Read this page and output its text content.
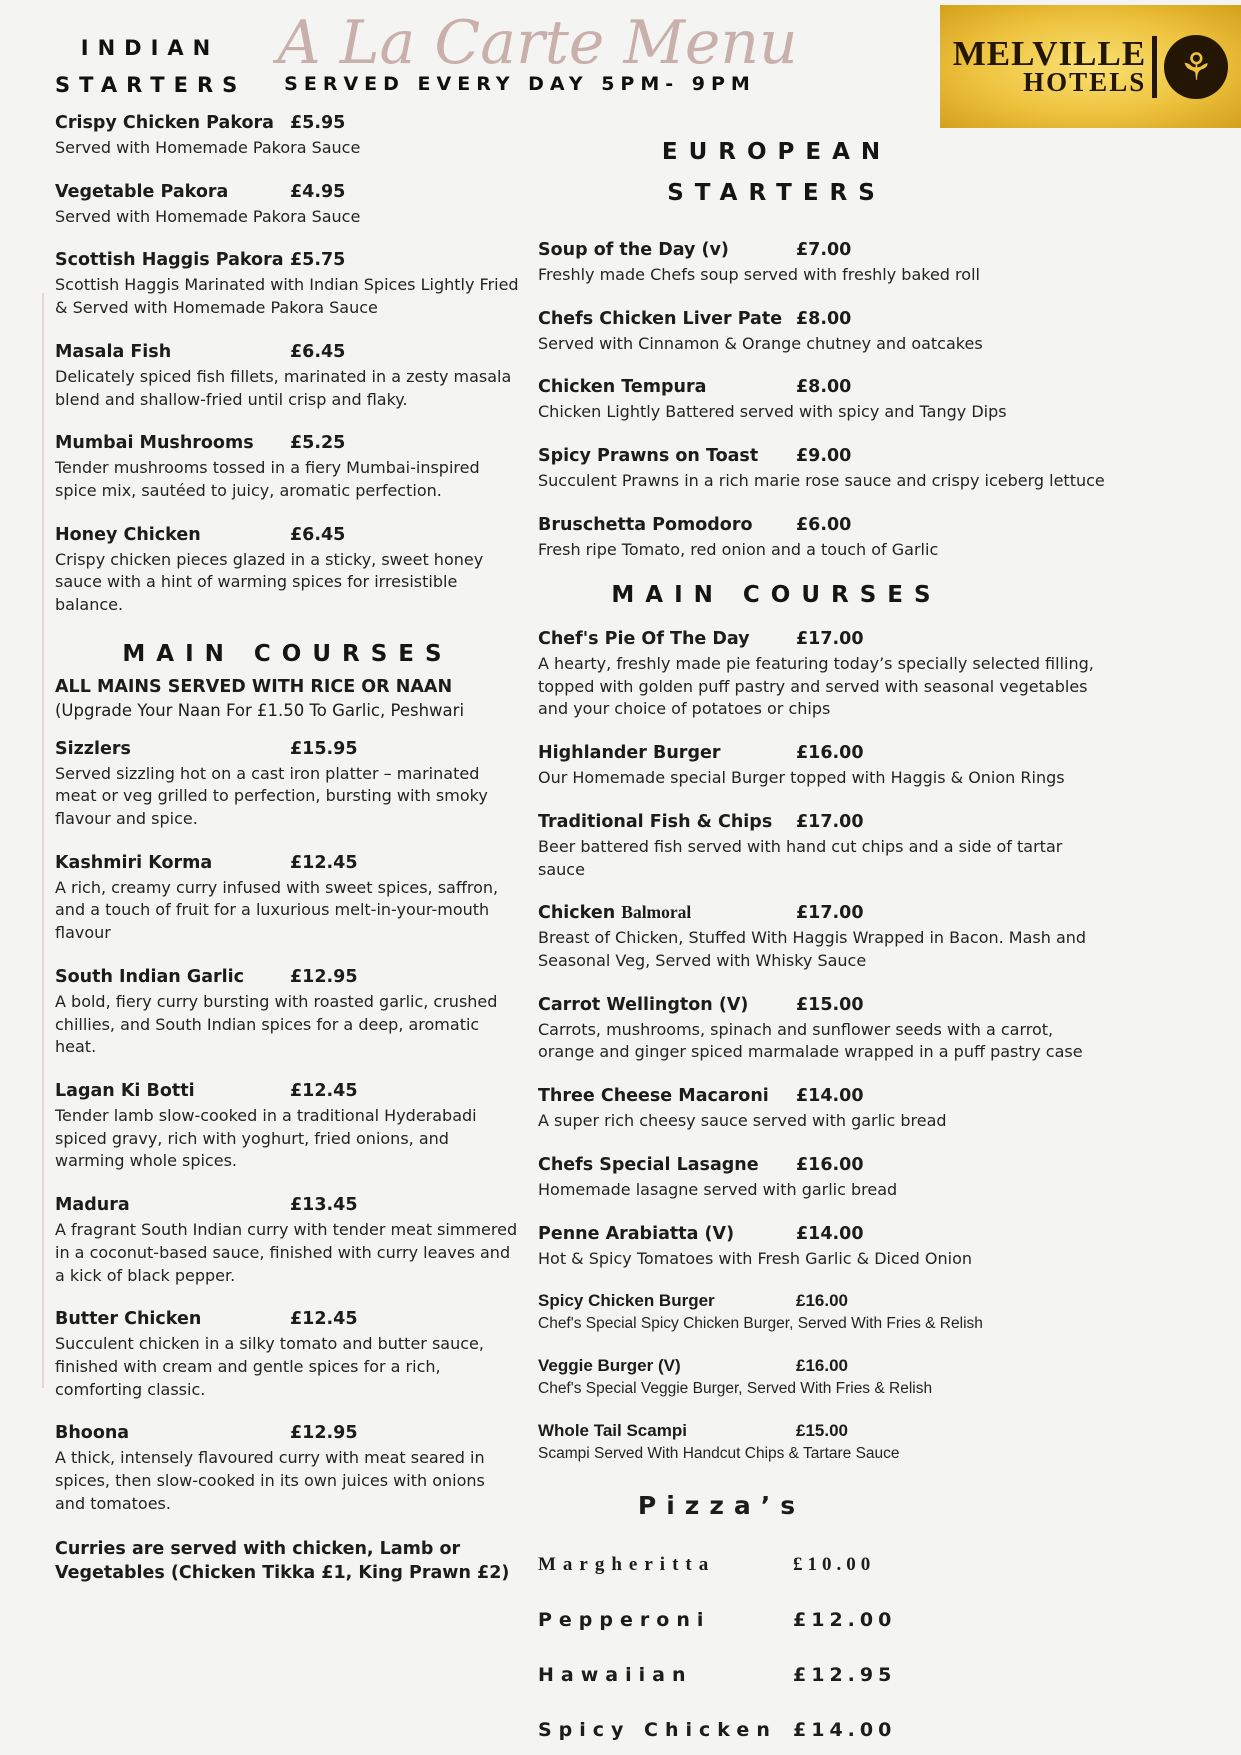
INDIAN
STARTERS
A La Carte Menu
SERVED EVERY DAY 5PM- 9PM
MELVILLE
HOTELS ⚘
Crispy Chicken Pakora £5.95
Served with Homemade Pakora Sauce
Vegetable Pakora	£4.95
Served with Homemade Pakora Sauce
Scottish Haggis Pakora £5.75
Scottish Haggis Marinated with Indian Spices Lightly Fried & Served with Homemade Pakora Sauce
Masala Fish	£6.45
Delicately spiced fish fillets, marinated in a zesty masala blend and shallow-fried until crisp and flaky.
Mumbai Mushrooms	£5.25
Tender mushrooms tossed in a fiery Mumbai-inspired spice mix, sautéed to juicy, aromatic perfection.
Honey Chicken	£6.45
Crispy chicken pieces glazed in a sticky, sweet honey sauce with a hint of warming spices for irresistible balance.
MAIN COURSES
ALL MAINS SERVED WITH RICE OR NAAN
(Upgrade Your Naan For £1.50 To Garlic, Peshwari
Sizzlers	£15.95
Served sizzling hot on a cast iron platter – marinated meat or veg grilled to perfection, bursting with smoky flavour and spice.
Kashmiri Korma	£12.45
A rich, creamy curry infused with sweet spices, saffron, and a touch of fruit for a luxurious melt-in-your-mouth flavour
South Indian Garlic	£12.95
A bold, fiery curry bursting with roasted garlic, crushed chillies, and South Indian spices for a deep, aromatic heat.
Lagan Ki Botti	£12.45
Tender lamb slow-cooked in a traditional Hyderabadi spiced gravy, rich with yoghurt, fried onions, and warming whole spices.
Madura	£13.45
A fragrant South Indian curry with tender meat simmered in a coconut-based sauce, finished with curry leaves and a kick of black pepper.
Butter Chicken	£12.45
Succulent chicken in a silky tomato and butter sauce, finished with cream and gentle spices for a rich, comforting classic.
Bhoona	£12.95
A thick, intensely flavoured curry with meat seared in spices, then slow-cooked in its own juices with onions and tomatoes.
Curries are served with chicken, Lamb or Vegetables (Chicken Tikka £1, King Prawn £2)
EUROPEAN
STARTERS
Soup of the Day (v)	£7.00
Freshly made Chefs soup served with freshly baked roll
Chefs Chicken Liver Pate £8.00
Served with Cinnamon & Orange chutney and oatcakes
Chicken Tempura	£8.00
Chicken Lightly Battered served with spicy and Tangy Dips
Spicy Prawns on Toast	£9.00
Succulent Prawns in a rich marie rose sauce and crispy iceberg lettuce
Bruschetta Pomodoro	£6.00
Fresh ripe Tomato, red onion and a touch of Garlic
MAIN COURSES
Chef's Pie Of The Day	£17.00
A hearty, freshly made pie featuring today’s specially selected filling, topped with golden puff pastry and served with seasonal vegetables and your choice of potatoes or chips
Highlander Burger	£16.00
Our Homemade special Burger topped with Haggis & Onion Rings
Traditional Fish & Chips	£17.00
Beer battered fish served with hand cut chips and a side of tartar sauce
Chicken Balmoral	£17.00
Breast of Chicken, Stuffed With Haggis Wrapped in Bacon. Mash and Seasonal Veg, Served with Whisky Sauce
Carrot Wellington (V)	£15.00
Carrots, mushrooms, spinach and sunflower seeds with a carrot, orange and ginger spiced marmalade wrapped in a puff pastry case
Three Cheese Macaroni	£14.00
A super rich cheesy sauce served with garlic bread
Chefs Special Lasagne	£16.00
Homemade lasagne served with garlic bread
Penne Arabiatta (V)	£14.00
Hot & Spicy Tomatoes with Fresh Garlic & Diced Onion
Spicy Chicken Burger	£16.00
Chef's Special Spicy Chicken Burger, Served With Fries & Relish
Veggie Burger (V)	£16.00
Chef's Special Veggie Burger, Served With Fries & Relish
Whole Tail Scampi	£15.00
Scampi Served With Handcut Chips & Tartare Sauce
Pizza’s
Margheritta	£10.00
Pepperoni	£12.00
Hawaiian	£12.95
Spicy Chicken £14.00
